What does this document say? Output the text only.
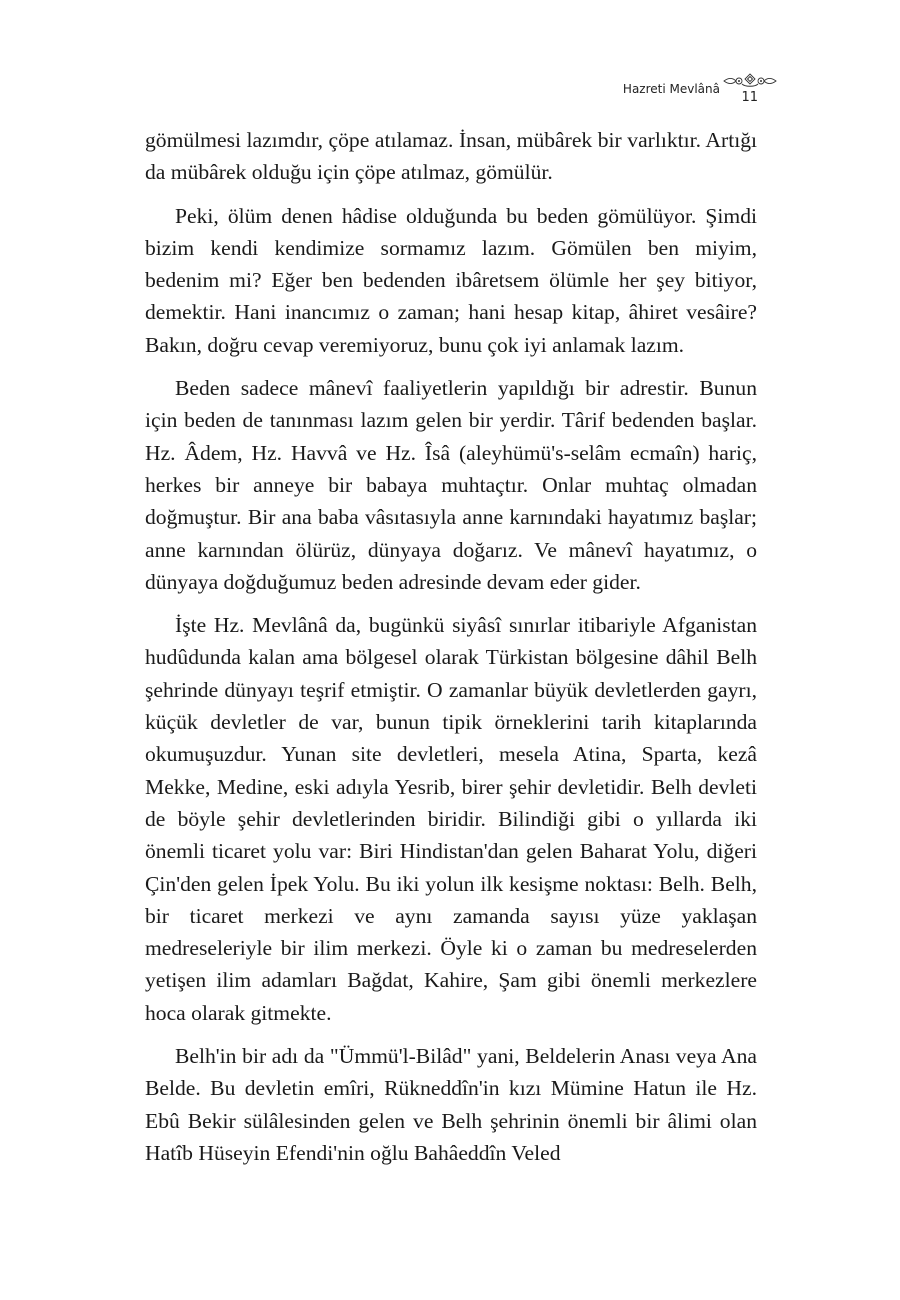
Hazreti Mevlânâ
11

gömülmesi lazımdır, çöpe atılamaz. İnsan, mübârek bir varlıktır. Artığı da mübârek olduğu için çöpe atılmaz, gömülür.

Peki, ölüm denen hâdise olduğunda bu beden gömülüyor. Şimdi bizim kendi kendimize sormamız lazım. Gömülen ben miyim, bedenim mi? Eğer ben bedenden ibâretsem ölümle her şey bitiyor, demektir. Hani inancımız o zaman; hani hesap kitap, âhiret vesâire? Bakın, doğru cevap veremiyoruz, bunu çok iyi anlamak lazım.

Beden sadece mânevî faaliyetlerin yapıldığı bir adrestir. Bunun için beden de tanınması lazım gelen bir yerdir. Târif bedenden başlar. Hz. Âdem, Hz. Havvâ ve Hz. Îsâ (aleyhümü's-selâm ecmaîn) hariç, herkes bir anneye bir babaya muhtaçtır. Onlar muhtaç olmadan doğmuştur. Bir ana baba vâsıtasıyla anne karnındaki hayatımız başlar; anne karnından ölürüz, dünyaya doğarız. Ve mânevî hayatımız, o dünyaya doğduğumuz beden adresinde devam eder gider.

İşte Hz. Mevlânâ da, bugünkü siyâsî sınırlar itibariyle Afganistan hudûdunda kalan ama bölgesel olarak Türkistan bölgesine dâhil Belh şehrinde dünyayı teşrif etmiştir. O zamanlar büyük devletlerden gayrı, küçük devletler de var, bunun tipik örneklerini tarih kitaplarında okumuşuzdur. Yunan site devletleri, mesela Atina, Sparta, kezâ Mekke, Medine, eski adıyla Yesrib, birer şehir devletidir. Belh devleti de böyle şehir devletlerinden biridir. Bilindiği gibi o yıllarda iki önemli ticaret yolu var: Biri Hindistan'dan gelen Baharat Yolu, diğeri Çin'den gelen İpek Yolu. Bu iki yolun ilk kesişme noktası: Belh. Belh, bir ticaret merkezi ve aynı zamanda sayısı yüze yaklaşan medreseleriyle bir ilim merkezi. Öyle ki o zaman bu medreselerden yetişen ilim adamları Bağdat, Kahire, Şam gibi önemli merkezlere hoca olarak gitmekte.

Belh'in bir adı da "Ümmü'l-Bilâd" yani, Beldelerin Anası veya Ana Belde. Bu devletin emîri, Rükneddîn'in kızı Mümine Hatun ile Hz. Ebû Bekir sülâlesinden gelen ve Belh şehrinin önemli bir âlimi olan Hatîb Hüseyin Efendi'nin oğlu Bahâeddîn Veled
